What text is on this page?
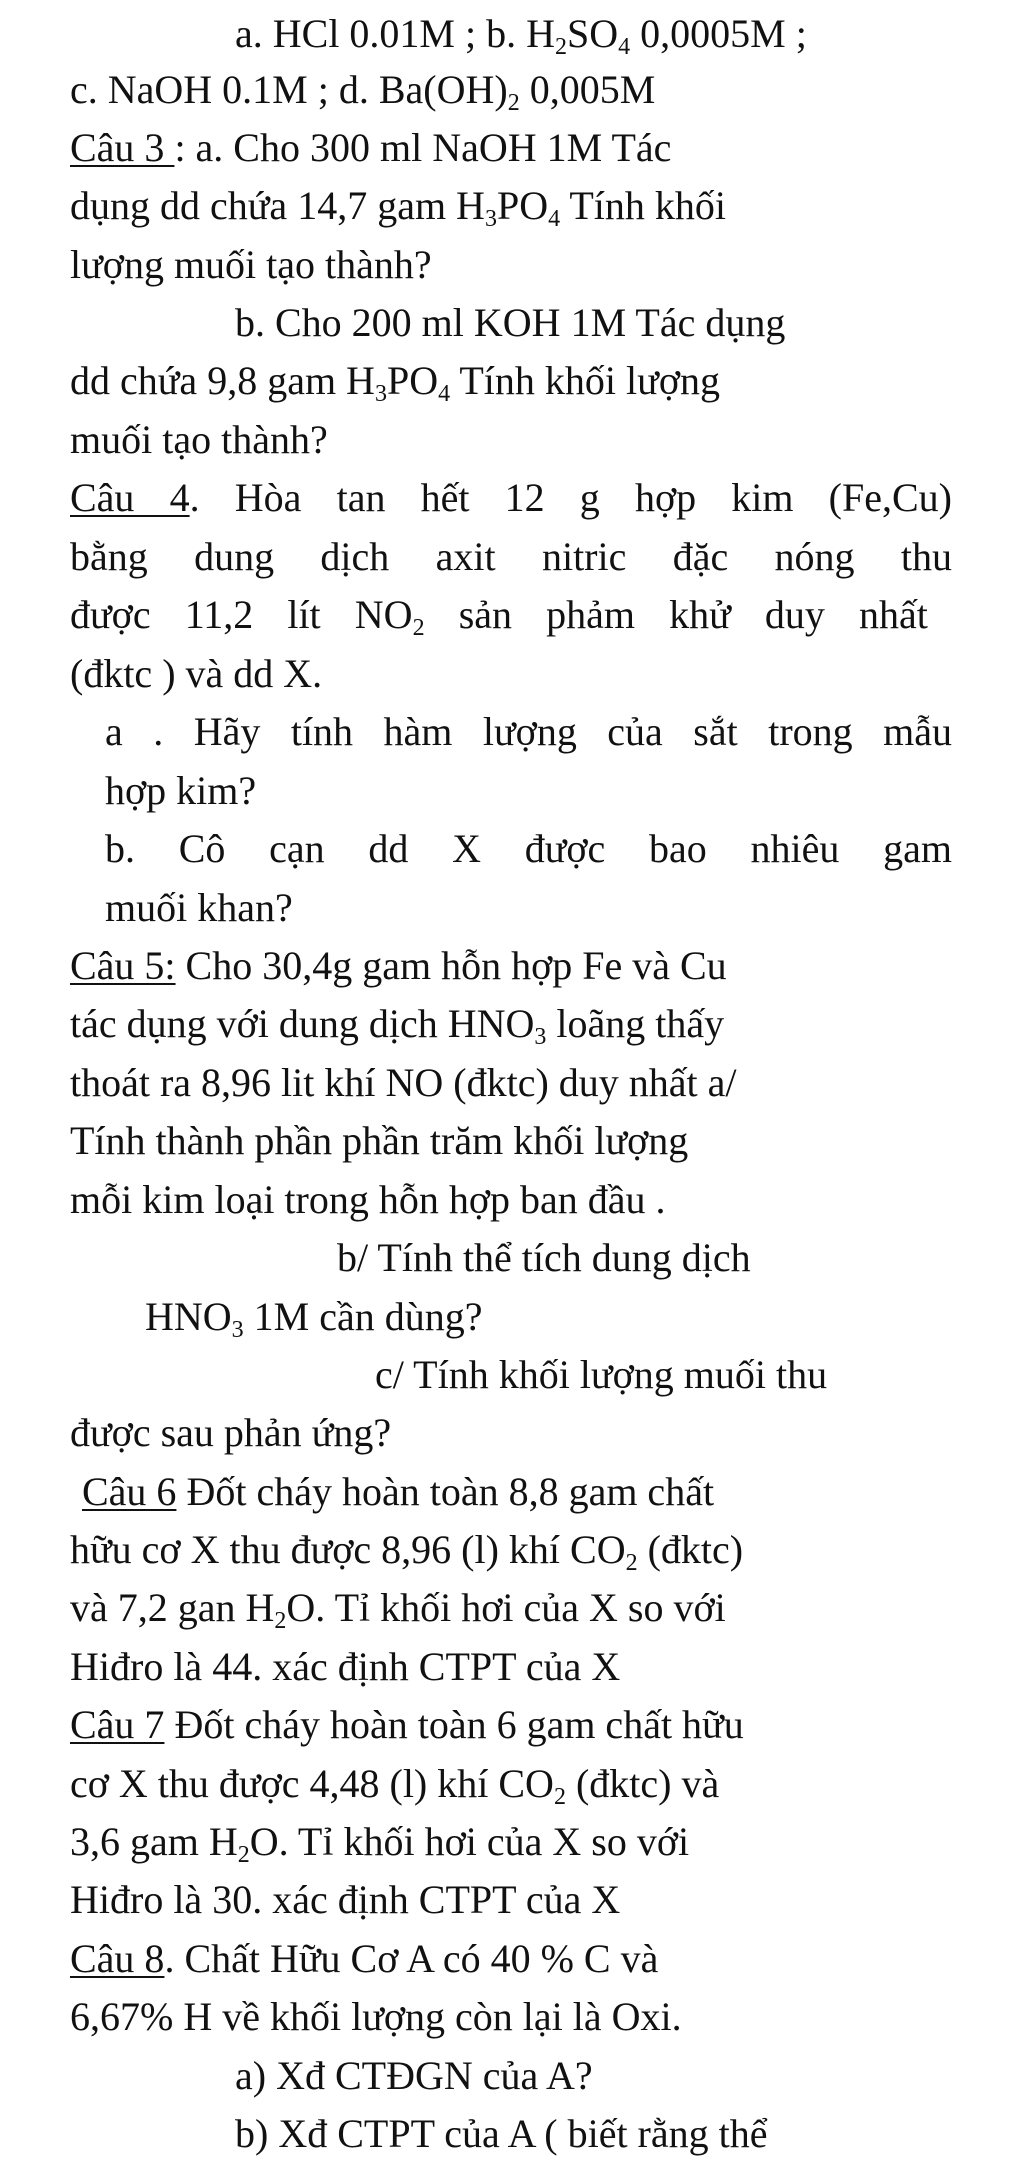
a. HCl 0.01M ; b. $H_2SO_4$ 0,0005M ;
c. NaOH 0.1M ; d. $Ba(OH)_2$ 0,005M
Câu 3 : a. Cho 300 ml NaOH 1M Tác
dụng dd chứa 14,7 gam $H_3PO_4$ Tính khối
lượng muối tạo thành?
b. Cho 200 ml KOH 1M Tác dụng
dd chứa 9,8 gam $H_3PO_4$ Tính khối lượng
muối tạo thành?
Câu 4. Hòa tan hết 12 g hợp kim (Fe,Cu)
bằng dung dịch axit nitric đặc nóng thu
được 11,2 lít $NO_2$ sản phảm khử duy nhất
(đktc ) và dd X.
a . Hãy tính hàm lượng của sắt trong mẫu
hợp kim?
b. Cô cạn dd X được bao nhiêu gam
muối khan?
Câu 5: Cho 30,4g gam hỗn hợp Fe và Cu
tác dụng với dung dịch $HNO_3$ loãng thấy
thoát ra 8,96 lit khí NO (đktc) duy nhất a/
Tính thành phần phần trăm khối lượng
mỗi kim loại trong hỗn hợp ban đầu .
b/ Tính thể tích dung dịch
$HNO_3$ 1M cần dùng?
c/ Tính khối lượng muối thu
được sau phản ứng?
Câu 6 Đốt cháy hoàn toàn 8,8 gam chất
hữu cơ X thu được 8,96 (l) khí $CO_2$ (đktc)
và 7,2 gan $H_2O$. Tỉ khối hơi của X so với
Hiđro là 44. xác định CTPT của X
Câu 7 Đốt cháy hoàn toàn 6 gam chất hữu
cơ X thu được 4,48 (l) khí $CO_2$ (đktc) và
3,6 gam $H_2O$. Tỉ khối hơi của X so với
Hiđro là 30. xác định CTPT của X
Câu 8. Chất Hữu Cơ A có 40 % C và
6,67% H về khối lượng còn lại là Oxi.
a) Xđ CTĐGN của A?
b) Xđ CTPT của A ( biết rằng thể
